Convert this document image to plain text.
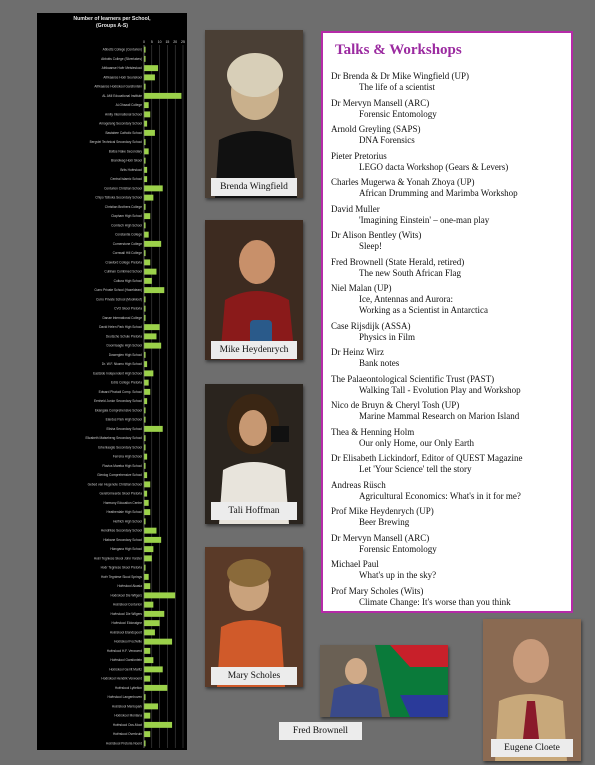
Number of learners per School,
(Groups A-S)
0 5 10 15 20 25
Abbotts College (Centurion)
Abbotts College (Silverlakes)
Afrikaanse Hoër Meisieskool
Afrikaanse Hoër Seunskool
Afrikaanse Hoërskool Garsfontein
AL AMI Educational Institute
Al-Ghazali College
Amity International School
Amogelang Secondary School
Bastabee Catholic School
Bergvlei Technical Secondary School
Boitse Nake Secondary
Brandwag Hoër Skool
Brits Hoërskool
Central Islamic School
Centurion Christian School
Chipo Tsiboka Secondary School
Christian Brothers College
Clapham High School
Comtech High School
Constantia College
Cornerstone College
Cornwall Hill College
Crawford College Pretoria
Cullinan Combined School
Cultura High School
Curro Private School (Hazeldean)
Curro Private School (Mooikloof)
CVO Skool Pretoria
Danae International College
David Helen Park High School
Deutsche Schule Pretoria
Doornlaagte High School
Dowerglen High School
Dr. W.F. Nkomo High School
Eastside Independent High School
Edris College Pretoria
Edward Phatudi Comp. School
Eenheid Junior Secondary School
Ekangala Comprehensive School
Elardus Park High School
Elisha Secondary School
Elizabeth Matseheng Secondary School
Erkenlaagte Secondary School
Ferreira High School
Flavius Mareka High School
Glenlog Comprehensive School
Gebed van Hugenote Christian School
Gereformeerde Skool Pretoria
Harmony Education Centre
Heatherdale High School
Helfrich High School
Hendrikse Secondary School
Hlabane Secondary School
Hlangana High School
Hoër Tegniese Skool John Vorster
Hoër Tegniese Skool Pretoria
Hoër Tegniese Skool Springs
Hoërskool Akasia
Hoërskool Die Wilgers
Hoërskool Centurion
Hoërskool Die Wilgers
Hoërskool Eldoraigne
Hoërskool Elandspoort
Hoërskool Fochville
Hoërskool H.F. Verwoerd
Hoërskool Garsfontein
Hoërskool Gerrit Maritz
Hoërskool Hendrik Verwoerd
Hoërskool Lyttelton
Hoërskool Langenhoven
Hoërskool Menlopark
Hoërskool Montana
Hoërskool Oos-Moot
Hoërskool Overkruin
Hoërskool Pretoria Noord
Brenda Wingfield
Mike Heydenrych
Tali Hoffman
Mary Scholes
Fred Brownell
Eugene Cloete
Talks & Workshops
Dr Brenda & Dr Mike Wingfield (UP)
The life of a scientist
Dr Mervyn Mansell (ARC)
Forensic Entomology
Arnold Greyling (SAPS)
DNA Forensics
Pieter Pretorius
LEGO dacta Workshop (Gears & Levers)
Charles Mugerwa & Yonah Zhoya (UP)
African Drumming and Marimba Workshop
David Muller
'Imagining Einstein' – one-man play
Dr Alison Bentley (Wits)
Sleep!
Fred Brownell (State Herald, retired)
The new South African Flag
Niel Malan (UP)
Ice, Antennas and Aurora:
Working as a Scientist in Antarctica
Case Rijsdijk (ASSA)
Physics in Film
Dr Heinz Wirz
Bank notes
The Palaeontological Scientific Trust (PAST)
Walking Tall - Evolution Play and Workshop
Nico de Bruyn & Cheryl Tosh (UP)
Marine Mammal Research on Marion Island
Thea & Henning Holm
Our only Home, our Only Earth
Dr Elisabeth Lickindorf, Editor of QUEST Magazine
Let 'Your Science' tell the story
Andreas Rüsch
Agricultural Economics: What's in it for me?
Prof Mike Heydenrych (UP)
Beer Brewing
Dr Mervyn Mansell (ARC)
Forensic Entomology
Michael Paul
What's up in the sky?
Prof Mary Scholes (Wits)
Climate Change: It's worse than you think
